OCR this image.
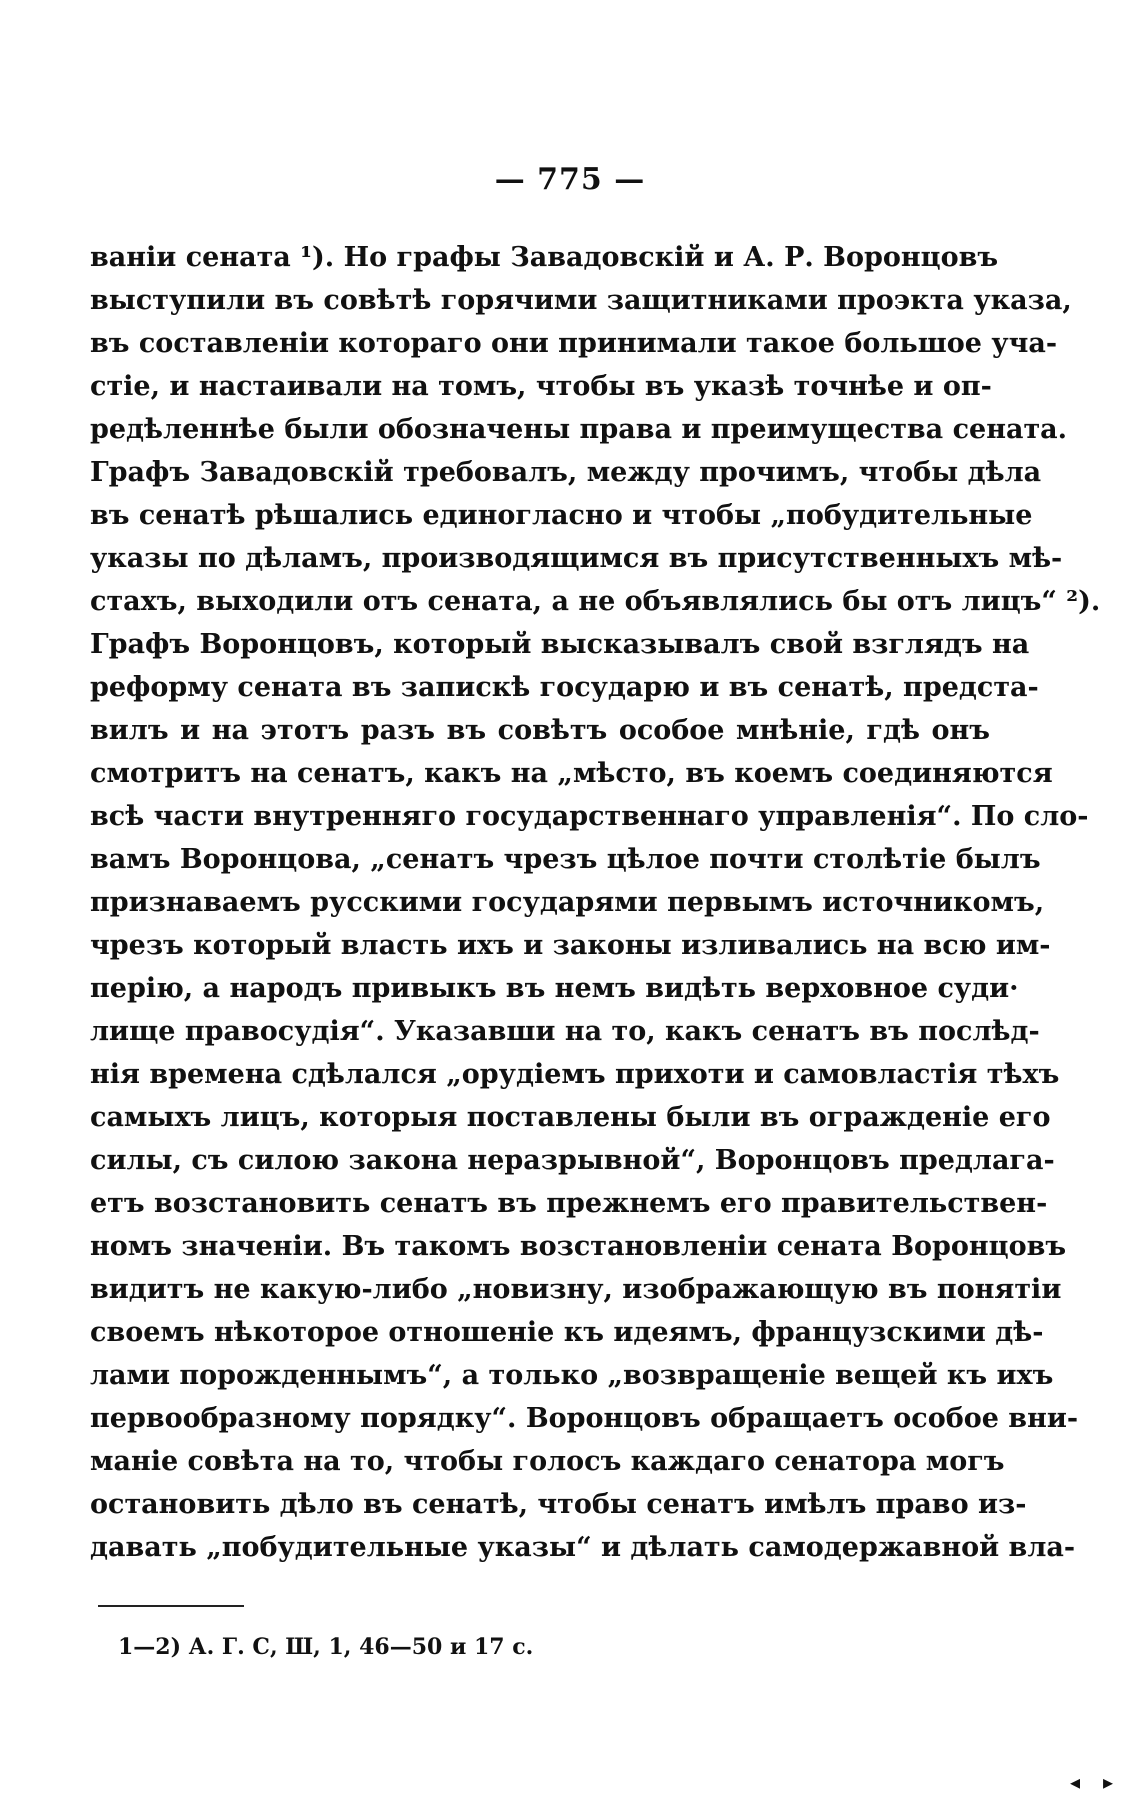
— 775 —
ваніи сената ¹). Но графы Завадовскій и А. Р. Воронцовъ
выступили въ совѣтѣ горячими защитниками проэкта указа,
въ составленіи котораго они принимали такое большое уча-
стіе, и настаивали на томъ, чтобы въ указѣ точнѣе и оп-
редѣленнѣе были обозначены права и преимущества сената.
Графъ Завадовскій требовалъ, между прочимъ, чтобы дѣла
въ сенатѣ рѣшались единогласно и чтобы „побудительные
указы по дѣламъ, производящимся въ присутственныхъ мѣ-
стахъ, выходили отъ сената, а не объявлялись бы отъ лицъ“ ²).
Графъ Воронцовъ, который высказывалъ свой взглядъ на
реформу сената въ запискѣ государю и въ сенатѣ, предста-
вилъ и на этотъ разъ въ совѣтъ особое мнѣніе, гдѣ онъ
смотритъ на сенатъ, какъ на „мѣсто, въ коемъ соединяются
всѣ части внутренняго государственнаго управленія“. По сло-
вамъ Воронцова, „сенатъ чрезъ цѣлое почти столѣтіе былъ
признаваемъ русскими государями первымъ источникомъ,
чрезъ который власть ихъ и законы изливались на всю им-
перію, а народъ привыкъ въ немъ видѣть верховное суди·
лище правосудія“. Указавши на то, какъ сенатъ въ послѣд-
нія времена сдѣлался „орудіемъ прихоти и самовластія тѣхъ
самыхъ лицъ, которыя поставлены были въ огражденіе его
силы, съ силою закона неразрывной“, Воронцовъ предлага-
етъ возстановить сенатъ въ прежнемъ его правительствен-
номъ значеніи. Въ такомъ возстановленіи сената Воронцовъ
видитъ не какую-либо „новизну, изображающую въ понятіи
своемъ нѣкоторое отношеніе къ идеямъ, французскими дѣ-
лами порожденнымъ“, а только „возвращеніе вещей къ ихъ
первообразному порядку“. Воронцовъ обращаетъ особое вни-
маніе совѣта на то, чтобы голосъ каждаго сенатора могъ
остановить дѣло въ сенатѣ, чтобы сенатъ имѣлъ право из-
давать „побудительные указы“ и дѣлать самодержавной вла-
1—2) А. Г. С, Ш, 1, 46—50 и 17 с.
◂ ▸
